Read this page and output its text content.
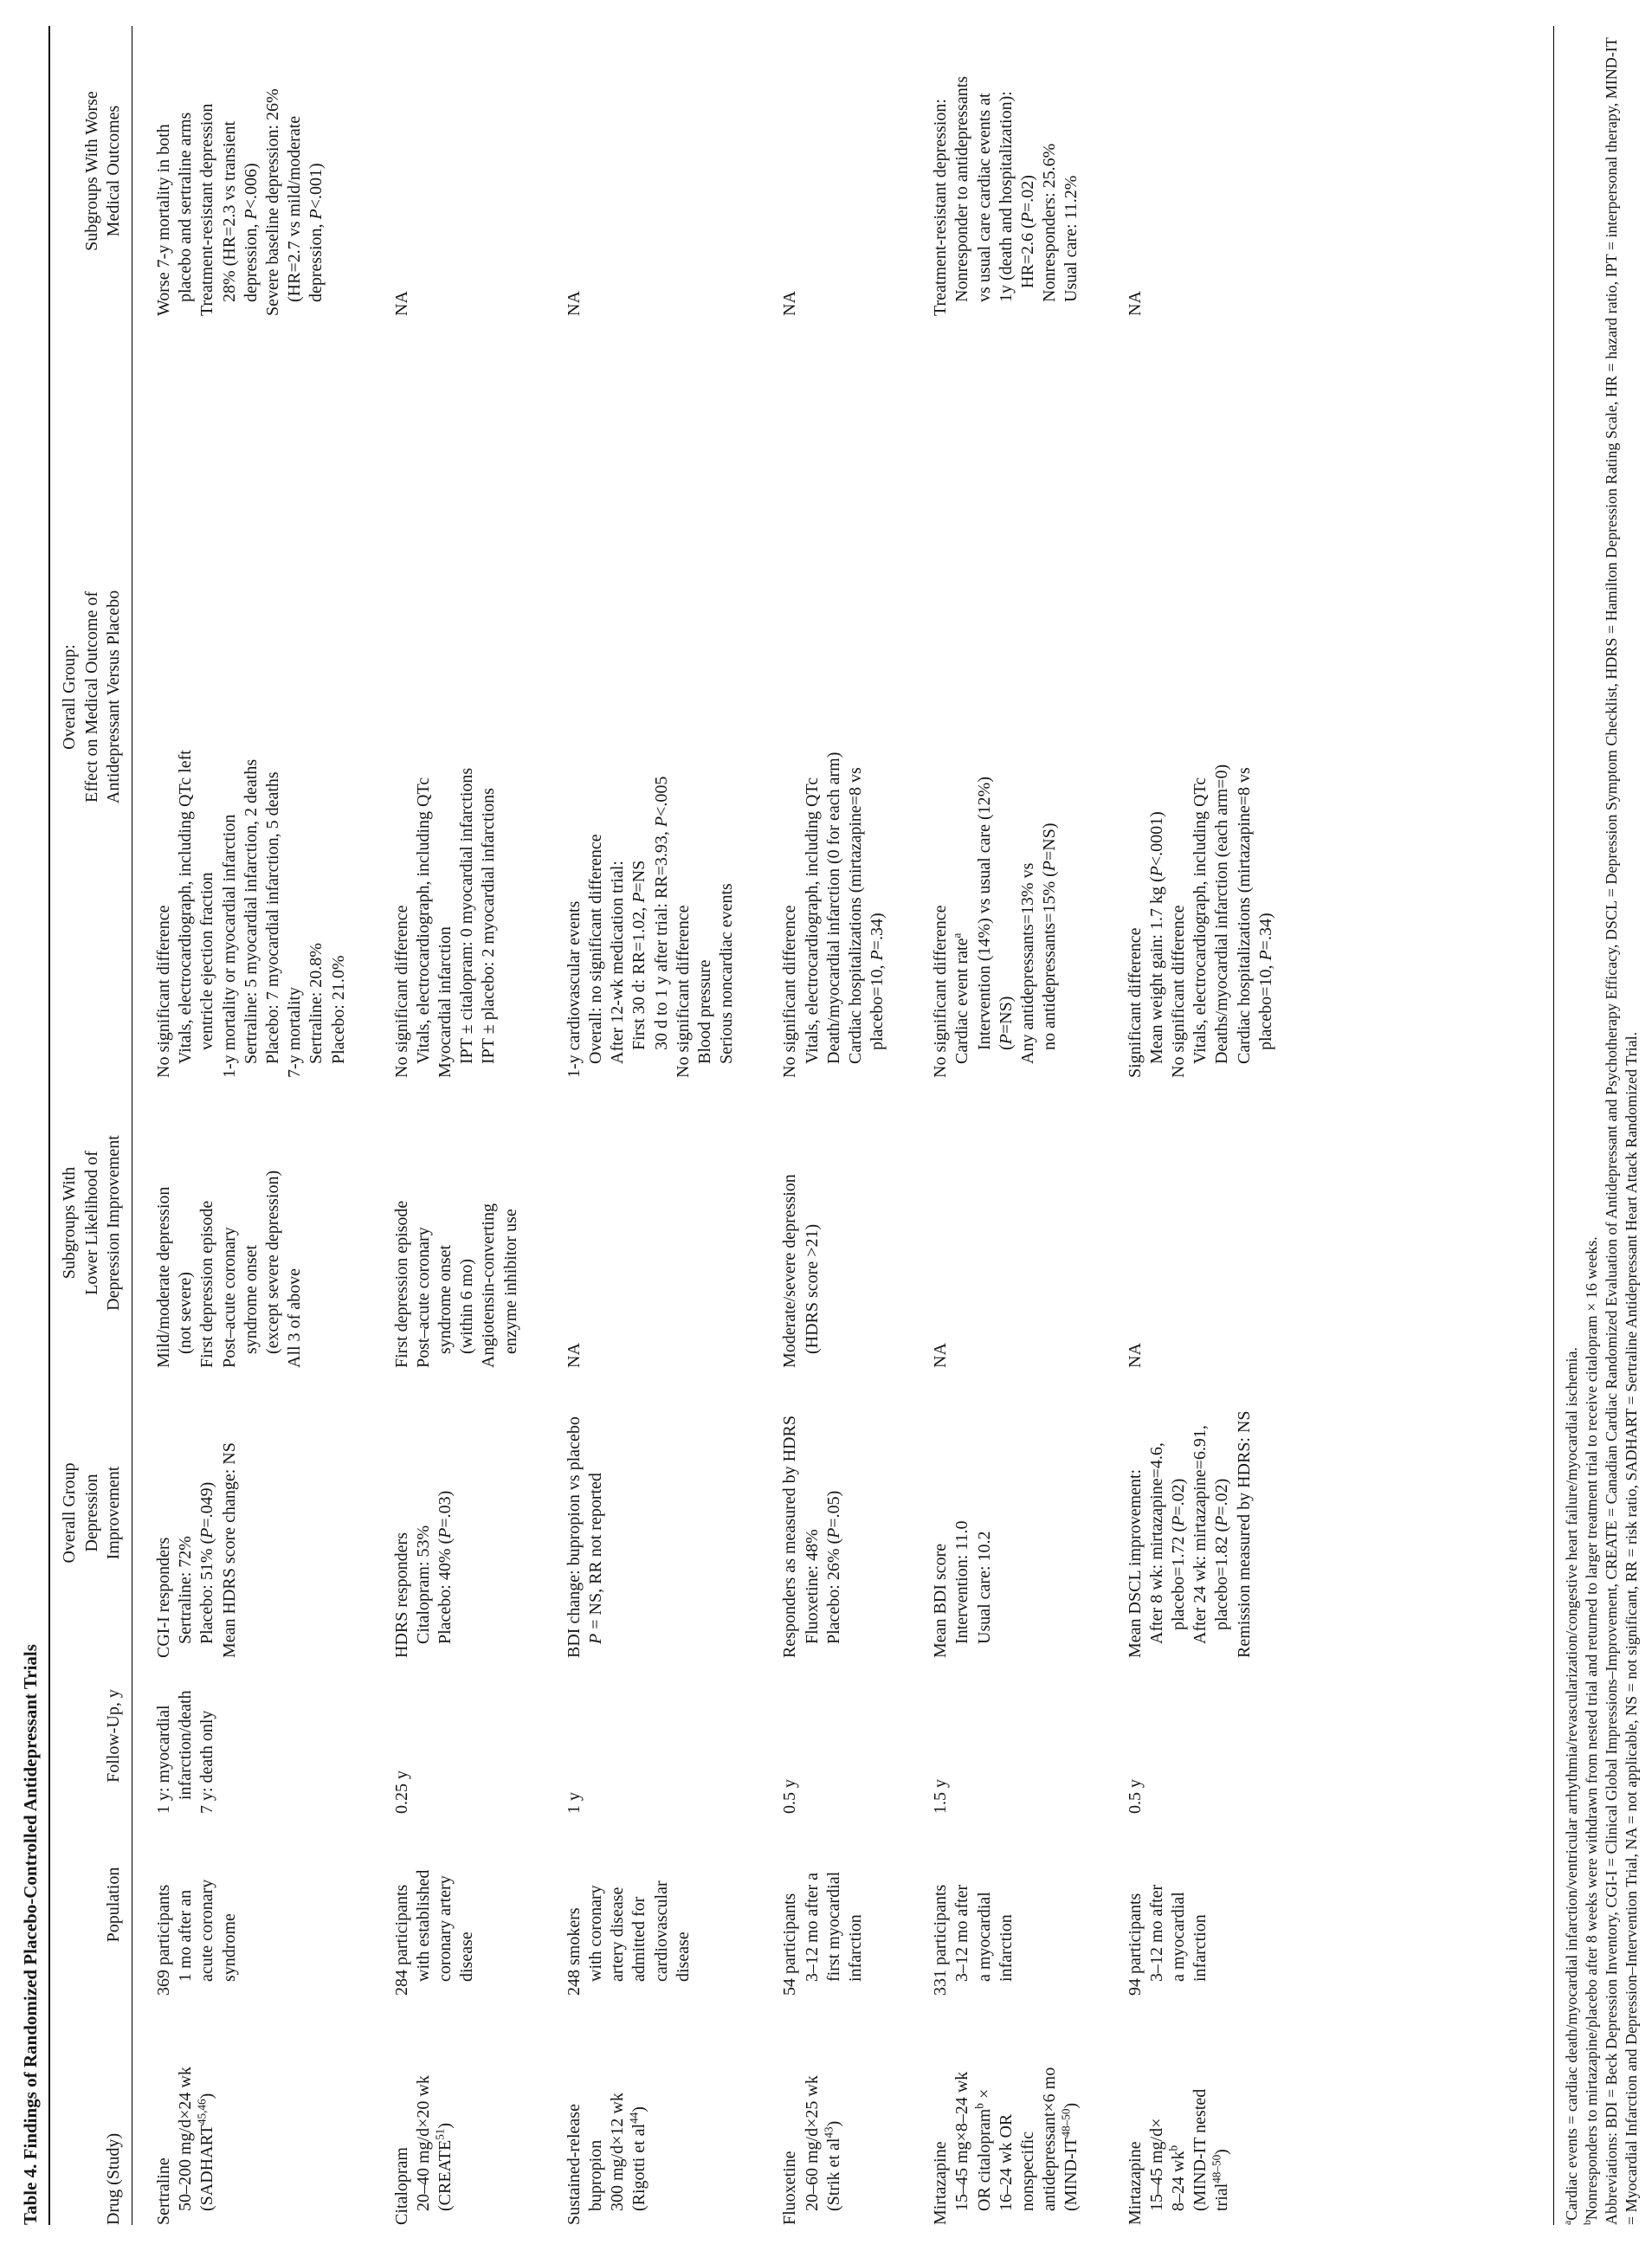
Table 4. Findings of Randomized Placebo-Controlled Antidepressant Trials	Drug (Study)
Population
Follow-Up, y
Overall Group Depression Improvement
Subgroups With Lower Likelihood of Depression Improvement
Overall Group: Effect on Medical Outcome of Antidepressant Versus Placebo
Subgroups With Worse Medical Outcomes
Sertraline 50–200 mg/d×24 wk (SADHART$^{45,46}$)
369 participants 1 mo after an acute coronary syndrome
1 y: myocardial infarction/death 7 y: death only
CGI-I responders Sertraline: 72% Placebo: 51% (P=.049) Mean HDRS score change: NS
Mild/moderate depression (not severe) First depression episode Post–acute coronary syndrome onset (except severe depression) All 3 of above
No significant difference Vitals, electrocardiograph, including QTc left ventricle ejection fraction 1-y mortality or myocardial infarction Sertraline: 5 myocardial infarction, 2 deaths Placebo: 7 myocardial infarction, 5 deaths 7-y mortality Sertraline: 20.8% Placebo: 21.0%
Worse 7-y mortality in both placebo and sertraline arms Treatment-resistant depression 28% (HR=2.3 vs transient depression, P<.006) Severe baseline depression: 26% (HR=2.7 vs mild/moderate depression, P<.001)
Citalopram 20–40 mg/d×20 wk (CREATE$^{51}$)
284 participants with established coronary artery disease
0.25 y
HDRS responders Citalopram: 53% Placebo: 40% (P=.03)
First depression episode Post–acute coronary syndrome onset (within 6 mo) Angiotensin-converting enzyme inhibitor use
No significant difference Vitals, electrocardiograph, including QTc Myocardial infarction IPT ± citalopram: 0 myocardial infarctions IPT ± placebo: 2 myocardial infarctions
NA
Sustained-release bupropion 300 mg/d×12 wk (Rigotti et $al^{44}$)
248 smokers with coronary artery disease admitted for cardiovascular disease
1 y
BDI change: bupropion vs placebo P = NS, RR not reported
NA
1-y cardiovascular events Overall: no significant difference After 12-wk medication trial: First 30 d: RR=1.02, P=NS 30 d to 1 y after trial: RR=3.93, P<.005
No significant difference Blood pressure Serious noncardiac events
NA
Fluoxetine 20–60 mg/d×25 wk (Strik et $al^{43}$)
54 participants 3–12 mo after a first myocardial infarction
0.5 y
Responders as measured by HDRS Fluoxetine: 48% Placebo: 26% (P=.05)
Moderate/severe depression (HDRS score >21)
No significant difference Vitals, electrocardiograph, including QTc Death/myocardial infarction (0 for each arm) Cardiac hospitalizations (mirtazapine=8 vs placebo=10, P=.34)
NA
Mirtazapine 15–45 mg×8–24 wk OR citalopram$^b$ ×
16–24 wk OR nonspecific antidepressant×6 mo (MIND-IT$^{48-50}$)
331 participants 3–12 mo after a myocardial infarction
1.5 y
Mean BDI score Intervention: 11.0 Usual care: 10.2
NA
No significant difference Cardiac event rate$^a$ Intervention (14%) vs usual care (12%) (P=NS) Any antidepressants=13% vs no antidepressants=15% (P=NS)
Treatment-resistant depression: Nonresponder to antidepressants vs usual care cardiac events at 1y (death and hospitalization): HR=2.6 (P=.02) Nonresponders: 25.6% Usual care: 11.2%
Mirtazapine 15–45 mg/d× 8–24 $wk^b$ (MIND-IT nested trial$^{48-50}$)
94 participants 3–12 mo after a myocardial infarction
0.5 y
Mean DSCL improvement: After 8 wk: mirtazapine=4.6, placebo=1.72 (P=.02) After 24 wk: mirtazapine=6.91, placebo=1.82 (P=.02) Remission measured by HDRS: NS
NA
Significant difference Mean weight gain: 1.7 kg (P<.0001)
No significant difference Vitals, electrocardiograph, including QTc Deaths/myocardial infarction (each arm=0) Cardiac hospitalizations (mirtazapine=8 vs placebo=10, P=.34)
NA
$^a$Cardiac events = cardiac death/myocardial infarction/ventricular arrhythmia/revascularization/congestive heart failure/myocardial ischemia.
$^b$Nonresponders to mirtazapine/placebo after 8 weeks were withdrawn from nested trial and returned to larger treatment trial to receive citalopram × 16 weeks. Abbreviations: BDI = Beck Depression Inventory, CGI-I = Clinical Global Impressions–Improvement, CREATE = Canadian Cardiac Randomized Evaluation of Antidepressant and Psychotherapy Efficacy, DSCL = Depression Symptom Checklist, HDRS = Hamilton Depression Rating Scale, HR = hazard ratio, IPT = interpersonal therapy, MIND-IT = Myocardial Infarction and Depression–Intervention Trial, NA = not applicable, NS = not significant, RR = risk ratio, SADHART = Sertraline Antidepressant Heart Attack Randomized Trial.
